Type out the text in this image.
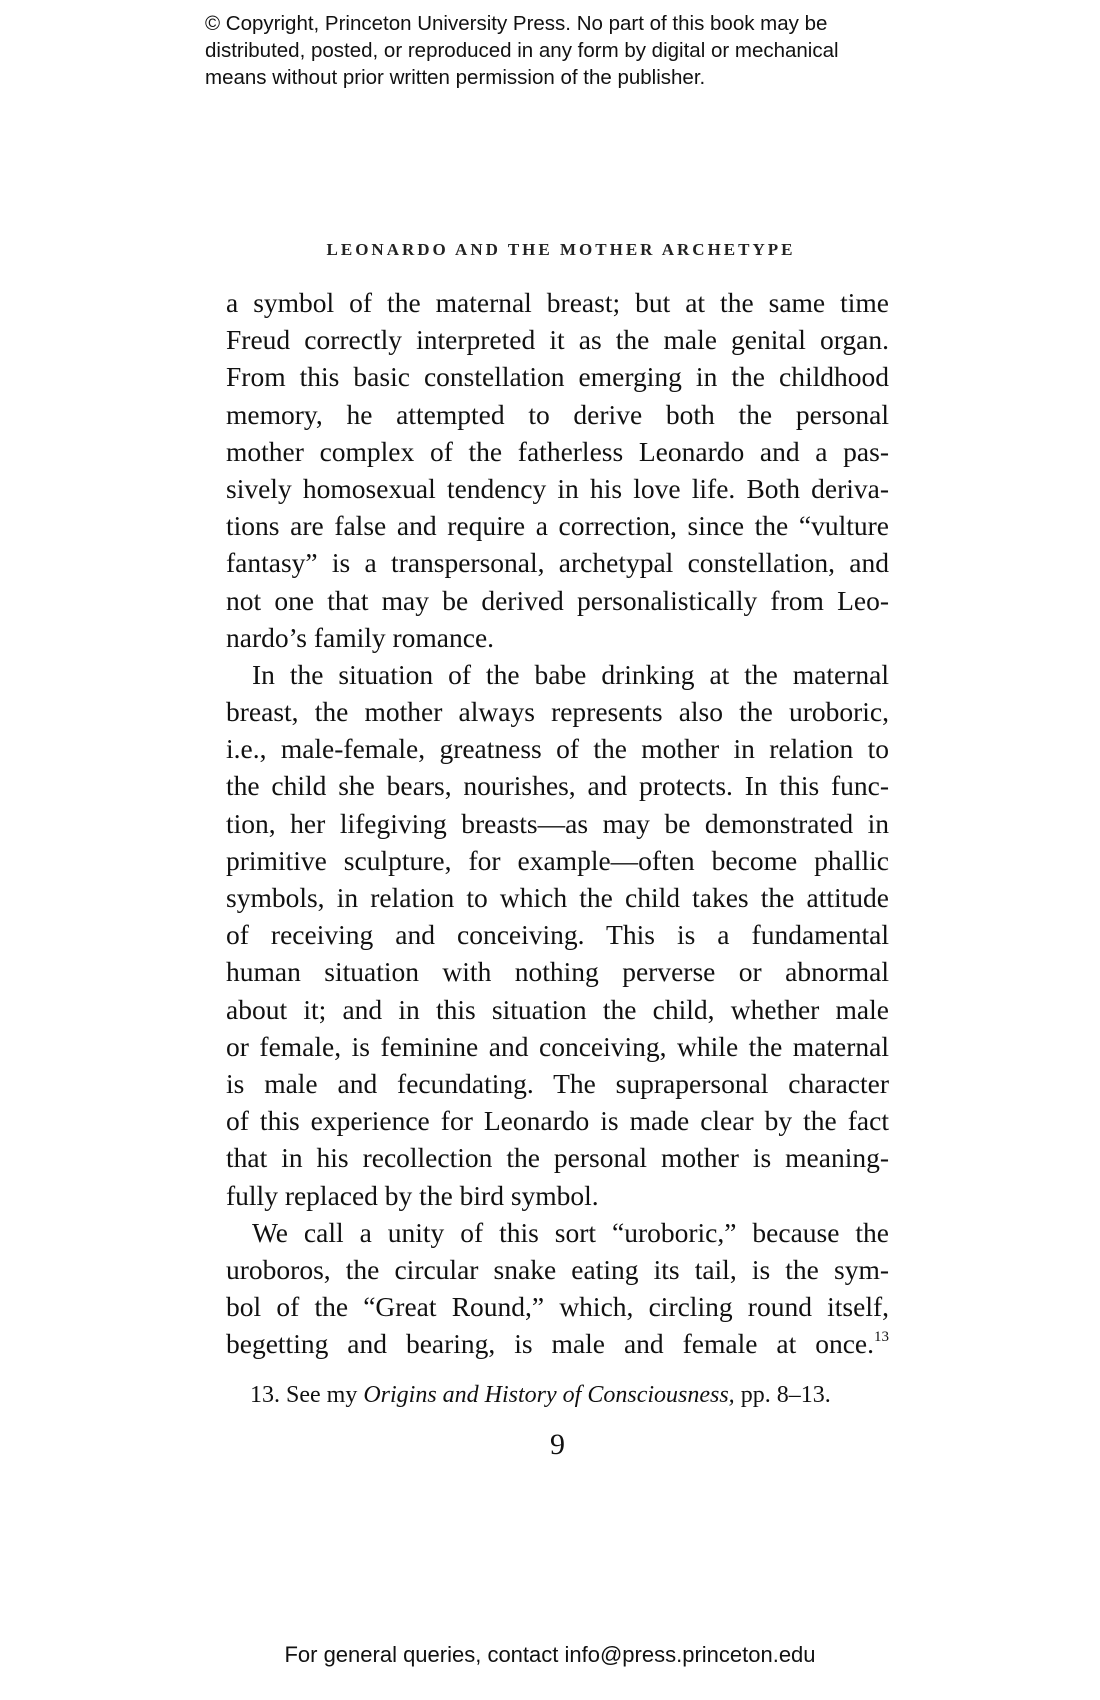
© Copyright, Princeton University Press. No part of this book may be
distributed, posted, or reproduced in any form by digital or mechanical
means without prior written permission of the publisher.
LEONARDO AND THE MOTHER ARCHETYPE
a symbol of the maternal breast; but at the same time
Freud correctly interpreted it as the male genital organ.
From this basic constellation emerging in the childhood
memory, he attempted to derive both the personal
mother complex of the fatherless Leonardo and a pas-
sively homosexual tendency in his love life. Both deriva-
tions are false and require a correction, since the “vulture
fantasy” is a transpersonal, archetypal constellation, and
not one that may be derived personalistically from Leo-
nardo’s family romance.
In the situation of the babe drinking at the maternal
breast, the mother always represents also the uroboric,
i.e., male-female, greatness of the mother in relation to
the child she bears, nourishes, and protects. In this func-
tion, her lifegiving breasts—as may be demonstrated in
primitive sculpture, for example—often become phallic
symbols, in relation to which the child takes the attitude
of receiving and conceiving. This is a fundamental
human situation with nothing perverse or abnormal
about it; and in this situation the child, whether male
or female, is feminine and conceiving, while the maternal
is male and fecundating. The suprapersonal character
of this experience for Leonardo is made clear by the fact
that in his recollection the personal mother is meaning-
fully replaced by the bird symbol.
We call a unity of this sort “uroboric,” because the
uroboros, the circular snake eating its tail, is the sym-
bol of the “Great Round,” which, circling round itself,
begetting and bearing, is male and female at once.$^{13}$
13. See my Origins and History of Consciousness, pp. 8–13.
9
For general queries, contact info@press.princeton.edu
